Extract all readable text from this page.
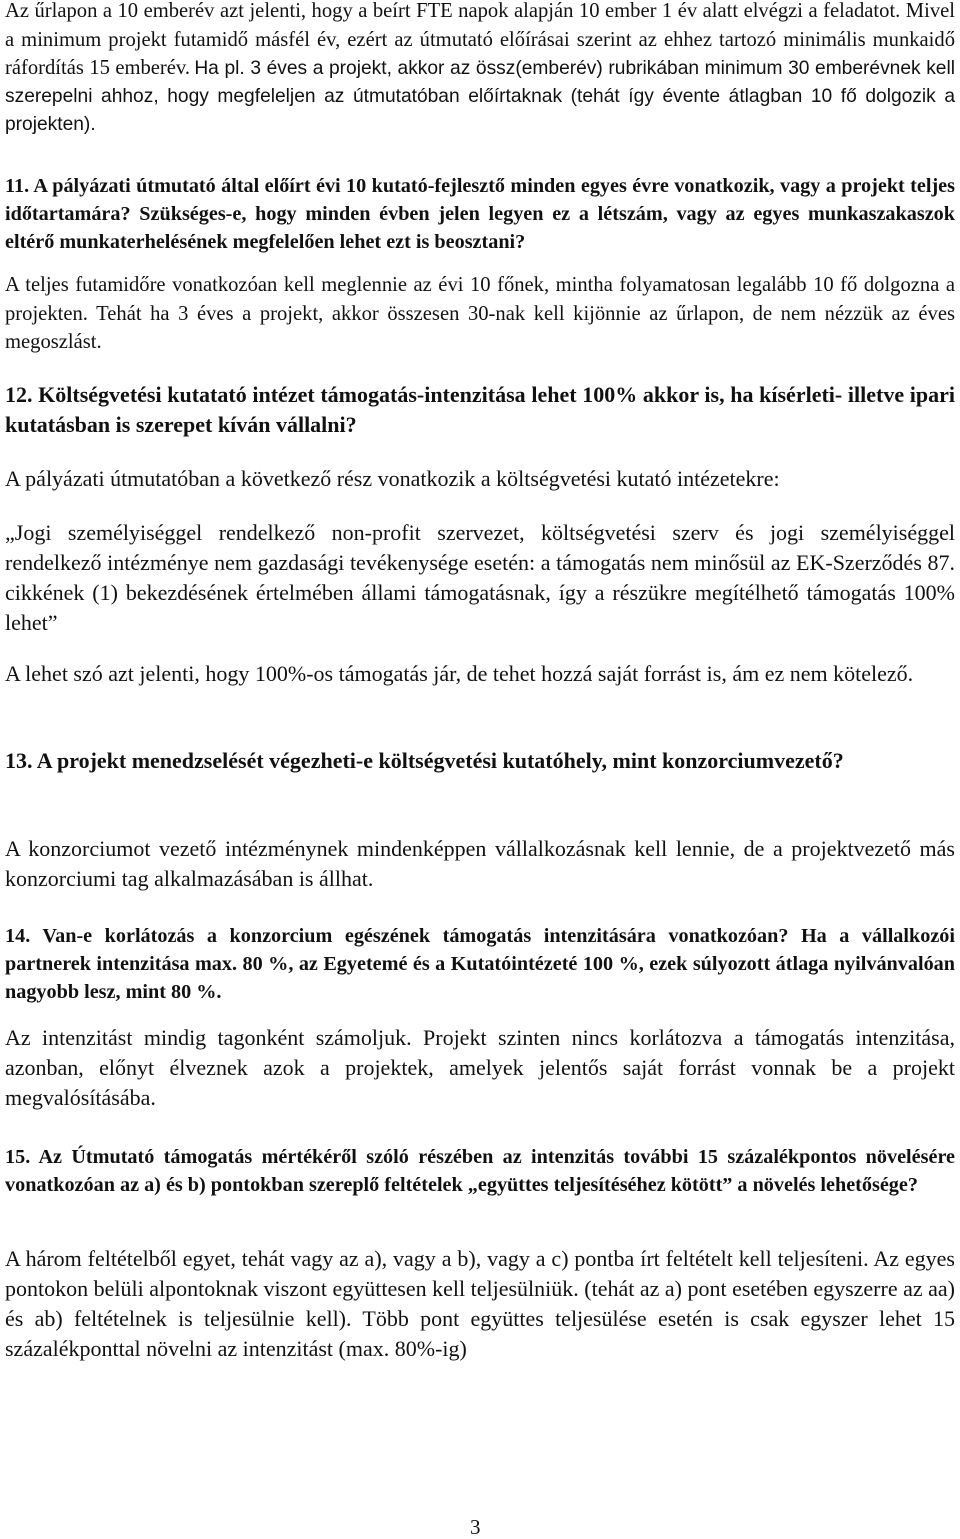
Az űrlapon a 10 emberév azt jelenti, hogy a beírt FTE napok alapján 10 ember 1 év alatt elvégzi a feladatot. Mivel a minimum projekt futamidő másfél év, ezért az útmutató előírásai szerint az ehhez tartozó minimális munkaidő ráfordítás 15 emberév. Ha pl. 3 éves a projekt, akkor az össz(emberév) rubrikában minimum 30 emberévnek kell szerepelni ahhoz, hogy megfeleljen az útmutatóban előírtaknak (tehát így évente átlagban 10 fő dolgozik a projekten).

11. A pályázati útmutató által előírt évi 10 kutató-fejlesztő minden egyes évre vonatkozik, vagy a projekt teljes időtartamára? Szükséges-e, hogy minden évben jelen legyen ez a létszám, vagy az egyes munkaszakaszok eltérő munkaterhelésének megfelelően lehet ezt is beosztani?

A teljes futamidőre vonatkozóan kell meglennie az évi 10 főnek, mintha folyamatosan legalább 10 fő dolgozna a projekten. Tehát ha 3 éves a projekt, akkor összesen 30-nak kell kijönnie az űrlapon, de nem nézzük az éves megoszlást.

12. Költségvetési kutatató intézet támogatás-intenzitása lehet 100% akkor is, ha kísérleti- illetve ipari kutatásban is szerepet kíván vállalni?

A pályázati útmutatóban a következő rész vonatkozik a költségvetési kutató intézetekre:

„Jogi személyiséggel rendelkező non-profit szervezet, költségvetési szerv és jogi személyiséggel rendelkező intézménye nem gazdasági tevékenysége esetén: a támogatás nem minősül az EK-Szerződés 87. cikkének (1) bekezdésének értelmében állami támogatásnak, így a részükre megítélhető támogatás 100% lehet”

A lehet szó azt jelenti, hogy 100%-os támogatás jár, de tehet hozzá saját forrást is, ám ez nem kötelező.

13. A projekt menedzselését végezheti-e költségvetési kutatóhely, mint konzorciumvezető?

A konzorciumot vezető intézménynek mindenképpen vállalkozásnak kell lennie, de a projektvezető más konzorciumi tag alkalmazásában is állhat.

14. Van-e korlátozás a konzorcium egészének támogatás intenzitására vonatkozóan? Ha a vállalkozói partnerek intenzitása max. 80 %, az Egyetemé és a Kutatóintézeté 100 %, ezek súlyozott átlaga nyilvánvalóan nagyobb lesz, mint 80 %.

Az intenzitást mindig tagonként számoljuk. Projekt szinten nincs korlátozva a támogatás intenzitása, azonban, előnyt élveznek azok a projektek, amelyek jelentős saját forrást vonnak be a projekt megvalósításába.

15. Az Útmutató támogatás mértékéről szóló részében az intenzitás további 15 százalékpontos növelésére vonatkozóan az a) és b) pontokban szereplő feltételek „együttes teljesítéséhez kötött” a növelés lehetősége?

A három feltételből egyet, tehát vagy az a), vagy a b), vagy a c) pontba írt feltételt kell teljesíteni. Az egyes pontokon belüli alpontoknak viszont együttesen kell teljesülniük. (tehát az a) pont esetében egyszerre az aa) és ab) feltételnek is teljesülnie kell). Több pont együttes teljesülése esetén is csak egyszer lehet 15 százalékponttal növelni az intenzitást (max. 80%-ig)

3
